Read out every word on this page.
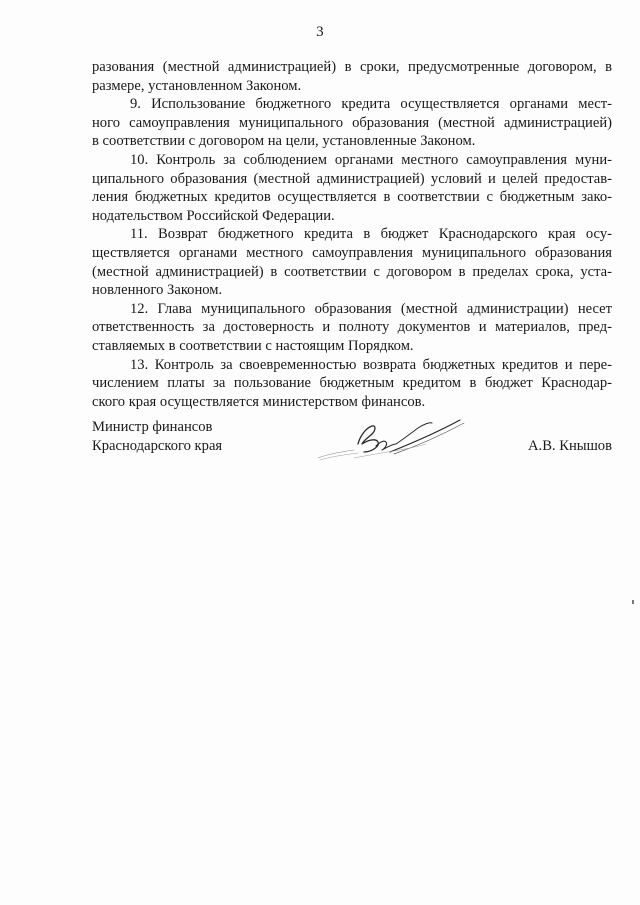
3
разования (местной администрацией) в сроки, предусмотренные договором, в
размере, установленном Законом.
9. Использование бюджетного кредита осуществляется органами мест-
ного самоуправления муниципального образования (местной администрацией)
в соответствии с договором на цели, установленные Законом.
10. Контроль за соблюдением органами местного самоуправления муни-
ципального образования (местной администрацией) условий и целей предостав-
ления бюджетных кредитов осуществляется в соответствии с бюджетным зако-
нодательством Российской Федерации.
11. Возврат бюджетного кредита в бюджет Краснодарского края осу-
ществляется органами местного самоуправления муниципального образования
(местной администрацией) в соответствии с договором в пределах срока, уста-
новленного Законом.
12. Глава муниципального образования (местной администрации) несет
ответственность за достоверность и полноту документов и материалов, пред-
ставляемых в соответствии с настоящим Порядком.
13. Контроль за своевременностью возврата бюджетных кредитов и пере-
числением платы за пользование бюджетным кредитом в бюджет Краснодар-
ского края осуществляется министерством финансов.
Министр финансов
Краснодарского края	А.В. Кнышов
